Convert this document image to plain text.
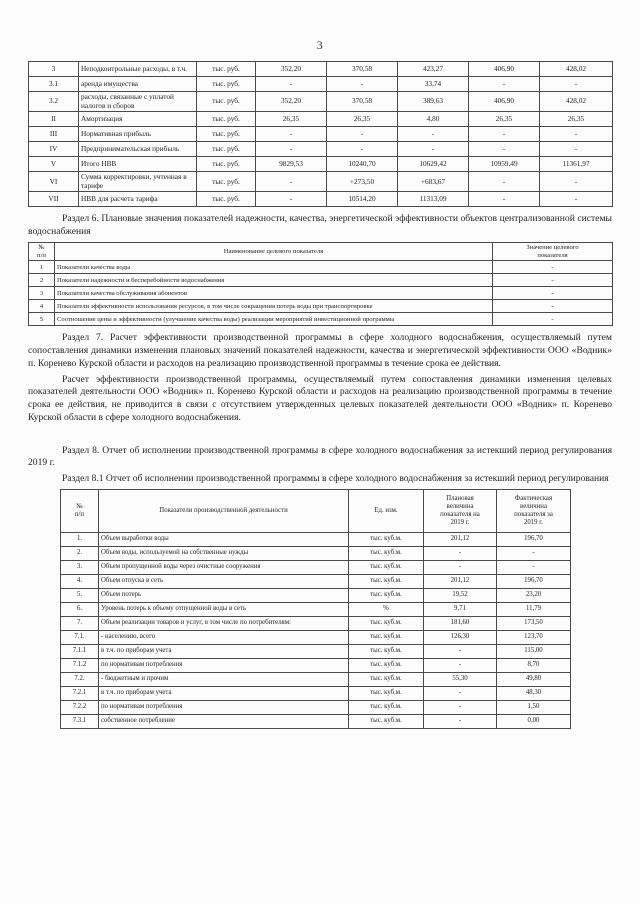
3
3	Неподконтрольные расходы, в т.ч.	тыс. руб.	352,20	370,58	423,27	406,90	428,02
3.1	аренда имущества	тыс. руб.	-	-	33,74	-	-
3.2	расходы, связанные с уплатой налогов и сборов	тыс. руб.	352,20	370,58	389,63	406,90	428,02
II	Амортизация	тыс. руб.	26,35	26,35	4,80	26,35	26,35
III	Нормативная прибыль	тыс. руб.	-	-	-	-	-
IV	Предпринимательская прибыль	тыс. руб.	-	-	-	-	-
V	Итого НВВ	тыс. руб.	9829,53	10240,70	10629,42	10959,49	11361,97
VI	Сумма корректировки, учтенная в тарифе	тыс. руб.	-	+273,50	+683,67	-	-
VII	НВВ для расчета тарифа	тыс. руб.	-	10514,20	11313,09	-	-
Раздел 6. Плановые значения показателей надежности, качества, энергетической эффективности объектов централизованной системы водоснабжения
№
п/п	Наименование целевого показателя	Значение целевого
показателя

1	Показатели качества воды	-
2	Показатели надежности и бесперебойности водоснабжения	-
3	Показатели качества обслуживания абонентов	-
4	Показатели эффективности использования ресурсов, в том числе сокращения потерь воды при транспортировке	-
5	Соотношение цены и эффективности (улучшение качества воды) реализации мероприятий инвестиционной программы	-
Раздел 7. Расчет эффективности производственной программы в сфере холодного водоснабжения, осуществляемый путем сопоставления динамики изменения плановых значений показателей надежности, качества и энергетической эффективности ООО «Водник» п. Коренево Курской области и расходов на реализацию производственной программы в течение срока ее действия.
Расчет эффективности производственной программы, осуществляемый путем сопоставления динамики изменения целевых показателей деятельности ООО «Водник» п. Коренево Курской области и расходов на реализацию производственной программы в течение срока ее действия, не приводится в связи с отсутствием утвержденных целевых показателей деятельности ООО «Водник» п. Коренево Курской области в сфере холодного водоснабжения.
Раздел 8. Отчет об исполнении производственной программы в сфере холодного водоснабжения за истекший период регулирования 2019 г.
Раздел 8.1 Отчет об исполнении производственной программы в сфере холодного водоснабжения за истекший период регулирования
№
п/п	Показатели производственной деятельности	Ед. изм.	Плановая
величина
показателя на
2019 г.	Фактическая
величина
показателя за
2019 г.

1.	Объем выработки воды	тыс. куб.м.	201,12	196,70
2.	Объем воды, используемой на собственные нужды	тыс. куб.м.	-	-
3.	Объем пропущенной воды через очистные сооружения	тыс. куб.м.	-	-
4.	Объем отпуска в сеть	тыс. куб.м.	201,12	196,70
5.	Объем потерь	тыс. куб.м.	19,52	23,20
6.	Уровень потерь к объему отпущенной воды в сеть	%	9,71	11,79
7.	Объем реализации товаров и услуг, в том числе по потребителям:	тыс. куб.м.	181,60	173,50
7.1.	- населению, всего	тыс. куб.м.	126,30	123,70
7.1.1	в т.ч. по приборам учета	тыс. куб.м.	-	115,00
7.1.2	по нормативам потребления	тыс. куб.м.	-	8,70
7.2.	- бюджетным и прочим	тыс. куб.м.	55,30	49,80
7.2.1	в т.ч. по приборам учета	тыс. куб.м.	-	48,30
7.2.2	по нормативам потребления	тыс. куб.м.	-	1,50
7.3.1	собственное потребление	тыс. куб.м.	-	0,00
